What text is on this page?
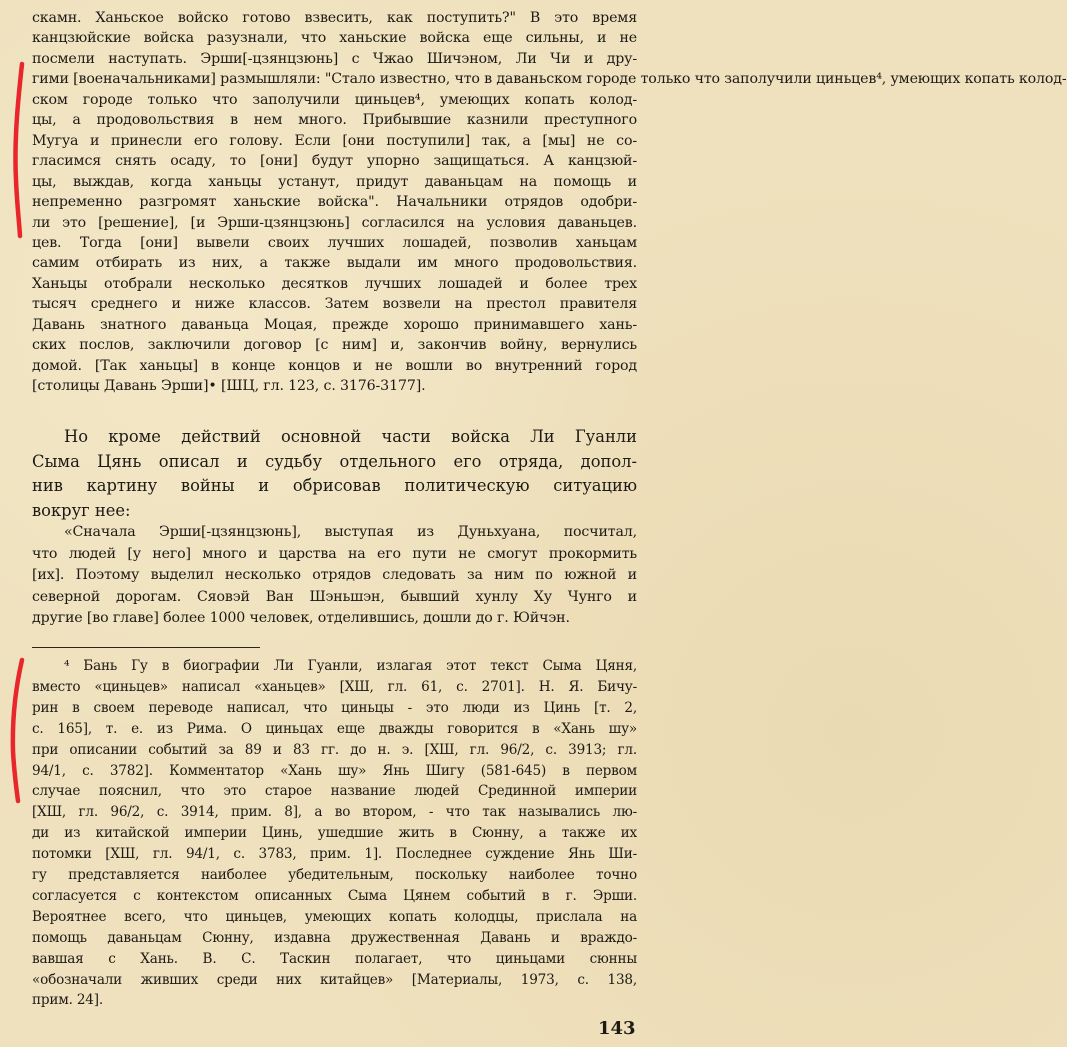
скамн. Ханьское войско готово взвесить, как поступить?" В это время
канцзюйские войска разузнали, что ханьские войска еще сильны, и не
посмели наступать. Эрши[-цзянцзюнь] с Чжао Шичэном, Ли Чи и дру-
гими [военачальниками] размышляли: "Стало известно, что в даваньском городе только что заполучили циньцев⁴, умеющих копать колод-
ском городе только что заполучили циньцев⁴, умеющих копать колод-
цы, а продовольствия в нем много. Прибывшие казнили преступного
Мугуа и принесли его голову. Если [они поступили] так, а [мы] не со-
гласимся снять осаду, то [они] будут упорно защищаться. А канцзюй-
цы, выждав, когда ханьцы устанут, придут даваньцам на помощь и
непременно разгромят ханьские войска". Начальники отрядов одобри-
ли это [решение], [и Эрши-цзянцзюнь] согласился на условия даваньцев.
цев. Тогда [они] вывели своих лучших лошадей, позволив ханьцам
самим отбирать из них, а также выдали им много продовольствия.
Ханьцы отобрали несколько десятков лучших лошадей и более трех
тысяч среднего и ниже классов. Затем возвели на престол правителя
Давань знатного даваньца Моцая, прежде хорошо принимавшего хань-
ских послов, заключили договор [с ним] и, закончив войну, вернулись
домой. [Так ханьцы] в конце концов и не вошли во внутренний город
[столицы Давань Эрши]• [ШЦ, гл. 123, с. 3176-3177].
Но кроме действий основной части войска Ли Гуанли
Сыма Цянь описал и судьбу отдельного его отряда, допол-
нив картину войны и обрисовав политическую ситуацию
вокруг нее:
«Сначала Эрши[-цзянцзюнь], выступая из Дуньхуана, посчитал,
что людей [у него] много и царства на его пути не смогут прокормить
[их]. Поэтому выделил несколько отрядов следовать за ним по южной и
северной дорогам. Сяовэй Ван Шэньшэн, бывший хунлу Ху Чунго и
другие [во главе] более 1000 человек, отделившись, дошли до г. Юйчэн.
⁴ Бань Гу в биографии Ли Гуанли, излагая этот текст Сыма Цяня,
вместо «циньцев» написал «ханьцев» [ХШ, гл. 61, с. 2701]. Н. Я. Бичу-
рин в своем переводе написал, что циньцы - это люди из Цинь [т. 2,
с. 165], т. е. из Рима. О циньцах еще дважды говорится в «Хань шу»
при описании событий за 89 и 83 гг. до н. э. [ХШ, гл. 96/2, с. 3913; гл.
94/1, с. 3782]. Комментатор «Хань шу» Янь Шигу (581-645) в первом
случае пояснил, что это старое название людей Срединной империи
[ХШ, гл. 96/2, с. 3914, прим. 8], а во втором, - что так назывались лю-
ди из китайской империи Цинь, ушедшие жить в Сюнну, а также их
потомки [ХШ, гл. 94/1, с. 3783, прим. 1]. Последнее суждение Янь Ши-
гу представляется наиболее убедительным, поскольку наиболее точно
согласуется с контекстом описанных Сыма Цянем событий в г. Эрши.
Вероятнее всего, что циньцев, умеющих копать колодцы, прислала на
помощь даваньцам Сюнну, издавна дружественная Давань и враждо-
вавшая с Хань. В. С. Таскин полагает, что циньцами сюнны
«обозначали живших среди них китайцев» [Материалы, 1973, с. 138,
прим. 24].
143
